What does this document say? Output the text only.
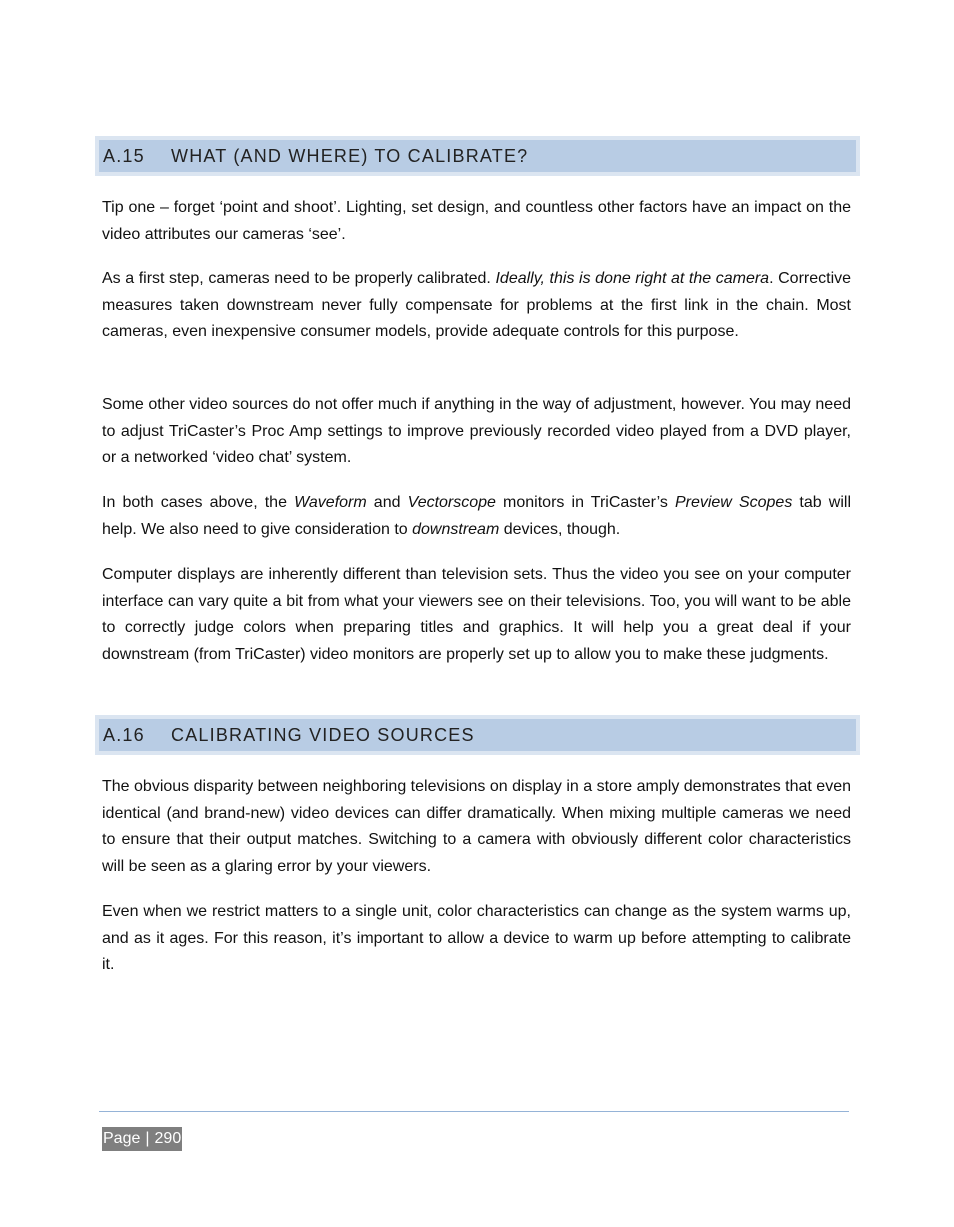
A.15	WHAT (AND WHERE) TO CALIBRATE?

Tip one – forget ‘point and shoot’. Lighting, set design, and countless other factors have an impact on the video attributes our cameras ‘see’.

As a first step, cameras need to be properly calibrated. Ideally, this is done right at the camera. Corrective measures taken downstream never fully compensate for problems at the first link in the chain. Most cameras, even inexpensive consumer models, provide adequate controls for this purpose.

Some other video sources do not offer much if anything in the way of adjustment, however. You may need to adjust TriCaster’s Proc Amp settings to improve previously recorded video played from a DVD player, or a networked ‘video chat’ system.

In both cases above, the Waveform and Vectorscope monitors in TriCaster’s Preview Scopes tab will help. We also need to give consideration to downstream devices, though.

Computer displays are inherently different than television sets. Thus the video you see on your computer interface can vary quite a bit from what your viewers see on their televisions. Too, you will want to be able to correctly judge colors when preparing titles and graphics. It will help you a great deal if your downstream (from TriCaster) video monitors are properly set up to allow you to make these judgments.

A.16	CALIBRATING VIDEO SOURCES

The obvious disparity between neighboring televisions on display in a store amply demonstrates that even identical (and brand-new) video devices can differ dramatically. When mixing multiple cameras we need to ensure that their output matches. Switching to a camera with obviously different color characteristics will be seen as a glaring error by your viewers.

Even when we restrict matters to a single unit, color characteristics can change as the system warms up, and as it ages. For this reason, it’s important to allow a device to warm up before attempting to calibrate it.

Page | 290
